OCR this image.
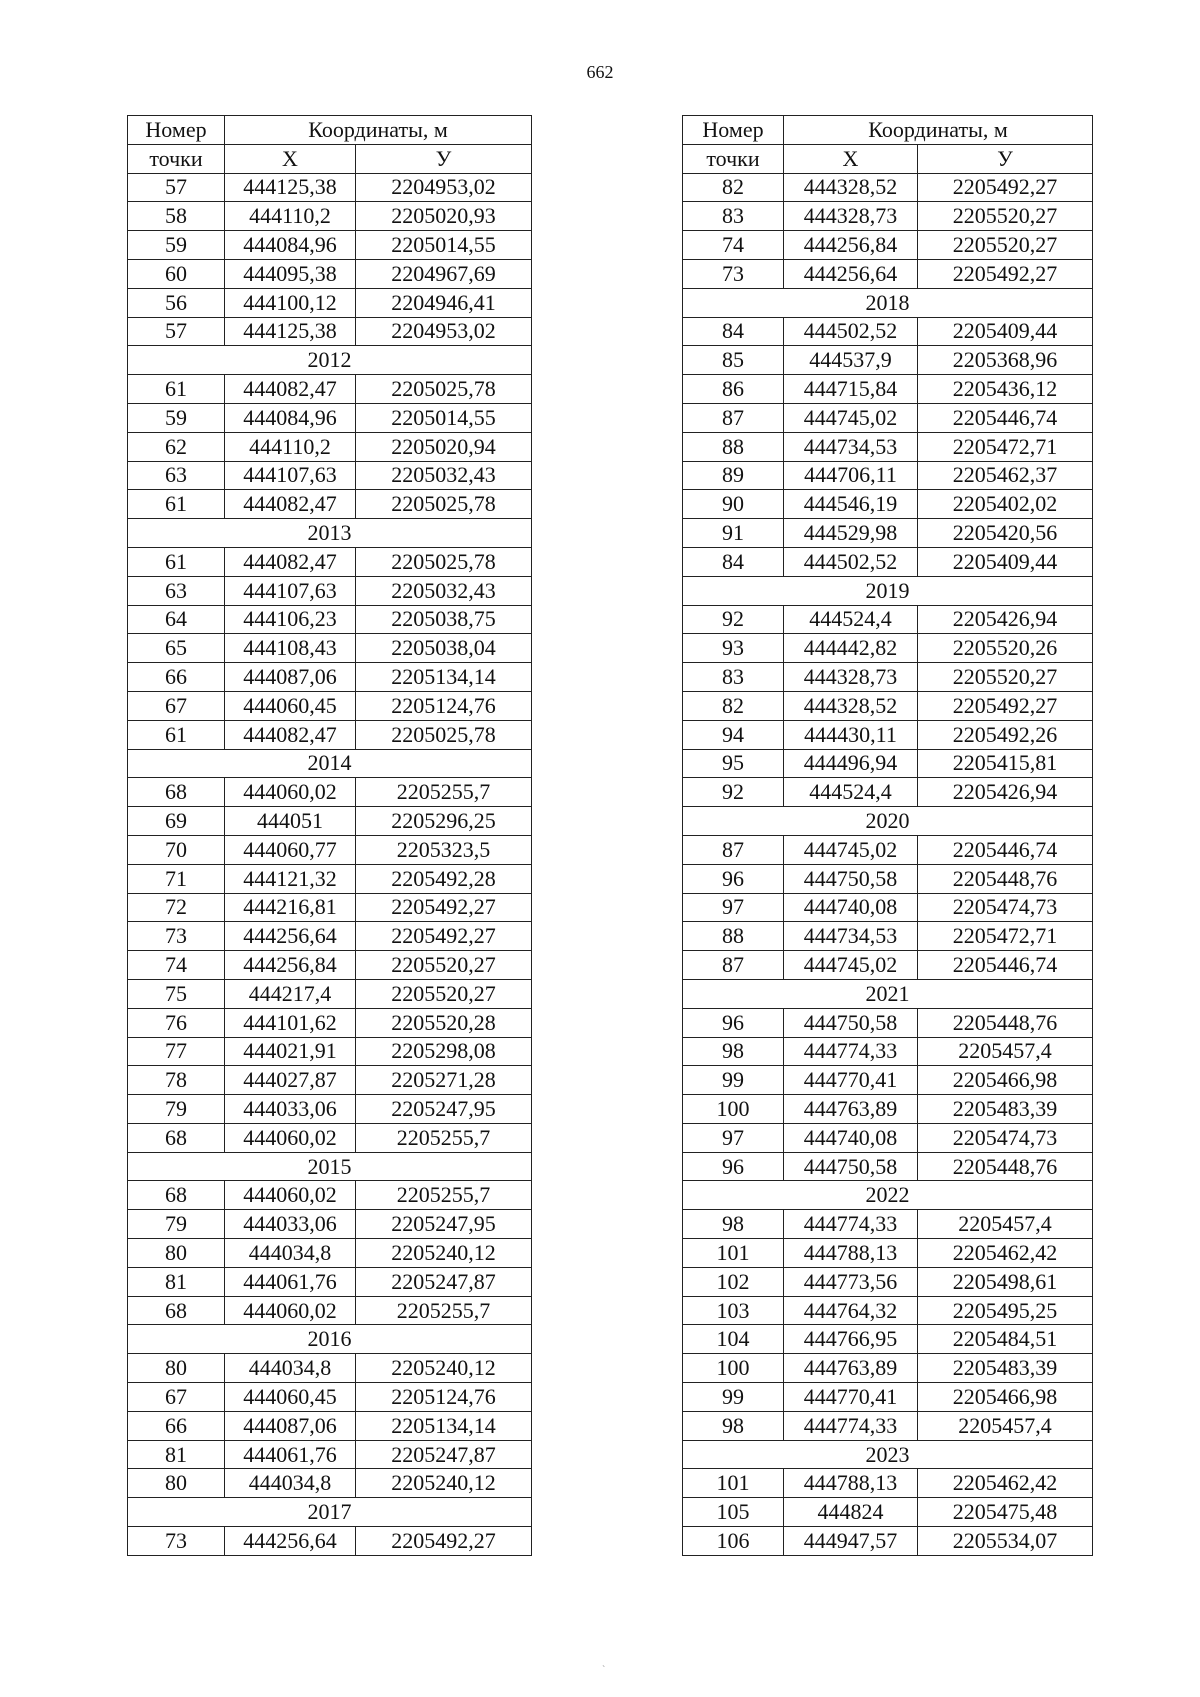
662
Номер	Координаты, м	
точки	Х	У
57	444125,38	2204953,02
58	444110,2	2205020,93
59	444084,96	2205014,55
60	444095,38	2204967,69
56	444100,12	2204946,41
57	444125,38	2204953,02
2012		
61	444082,47	2205025,78
59	444084,96	2205014,55
62	444110,2	2205020,94
63	444107,63	2205032,43
61	444082,47	2205025,78
2013		
61	444082,47	2205025,78
63	444107,63	2205032,43
64	444106,23	2205038,75
65	444108,43	2205038,04
66	444087,06	2205134,14
67	444060,45	2205124,76
61	444082,47	2205025,78
2014		
68	444060,02	2205255,7
69	444051	2205296,25
70	444060,77	2205323,5
71	444121,32	2205492,28
72	444216,81	2205492,27
73	444256,64	2205492,27
74	444256,84	2205520,27
75	444217,4	2205520,27
76	444101,62	2205520,28
77	444021,91	2205298,08
78	444027,87	2205271,28
79	444033,06	2205247,95
68	444060,02	2205255,7
2015		
68	444060,02	2205255,7
79	444033,06	2205247,95
80	444034,8	2205240,12
81	444061,76	2205247,87
68	444060,02	2205255,7
2016		
80	444034,8	2205240,12
67	444060,45	2205124,76
66	444087,06	2205134,14
81	444061,76	2205247,87
80	444034,8	2205240,12
2017		
73	444256,64	2205492,27
Номер	Координаты, м	
точки	Х	У
82	444328,52	2205492,27
83	444328,73	2205520,27
74	444256,84	2205520,27
73	444256,64	2205492,27
2018		
84	444502,52	2205409,44
85	444537,9	2205368,96
86	444715,84	2205436,12
87	444745,02	2205446,74
88	444734,53	2205472,71
89	444706,11	2205462,37
90	444546,19	2205402,02
91	444529,98	2205420,56
84	444502,52	2205409,44
2019		
92	444524,4	2205426,94
93	444442,82	2205520,26
83	444328,73	2205520,27
82	444328,52	2205492,27
94	444430,11	2205492,26
95	444496,94	2205415,81
92	444524,4	2205426,94
2020		
87	444745,02	2205446,74
96	444750,58	2205448,76
97	444740,08	2205474,73
88	444734,53	2205472,71
87	444745,02	2205446,74
2021		
96	444750,58	2205448,76
98	444774,33	2205457,4
99	444770,41	2205466,98
100	444763,89	2205483,39
97	444740,08	2205474,73
96	444750,58	2205448,76
2022		
98	444774,33	2205457,4
101	444788,13	2205462,42
102	444773,56	2205498,61
103	444764,32	2205495,25
104	444766,95	2205484,51
100	444763,89	2205483,39
99	444770,41	2205466,98
98	444774,33	2205457,4
2023		
101	444788,13	2205462,42
105	444824	2205475,48
106	444947,57	2205534,07
`
